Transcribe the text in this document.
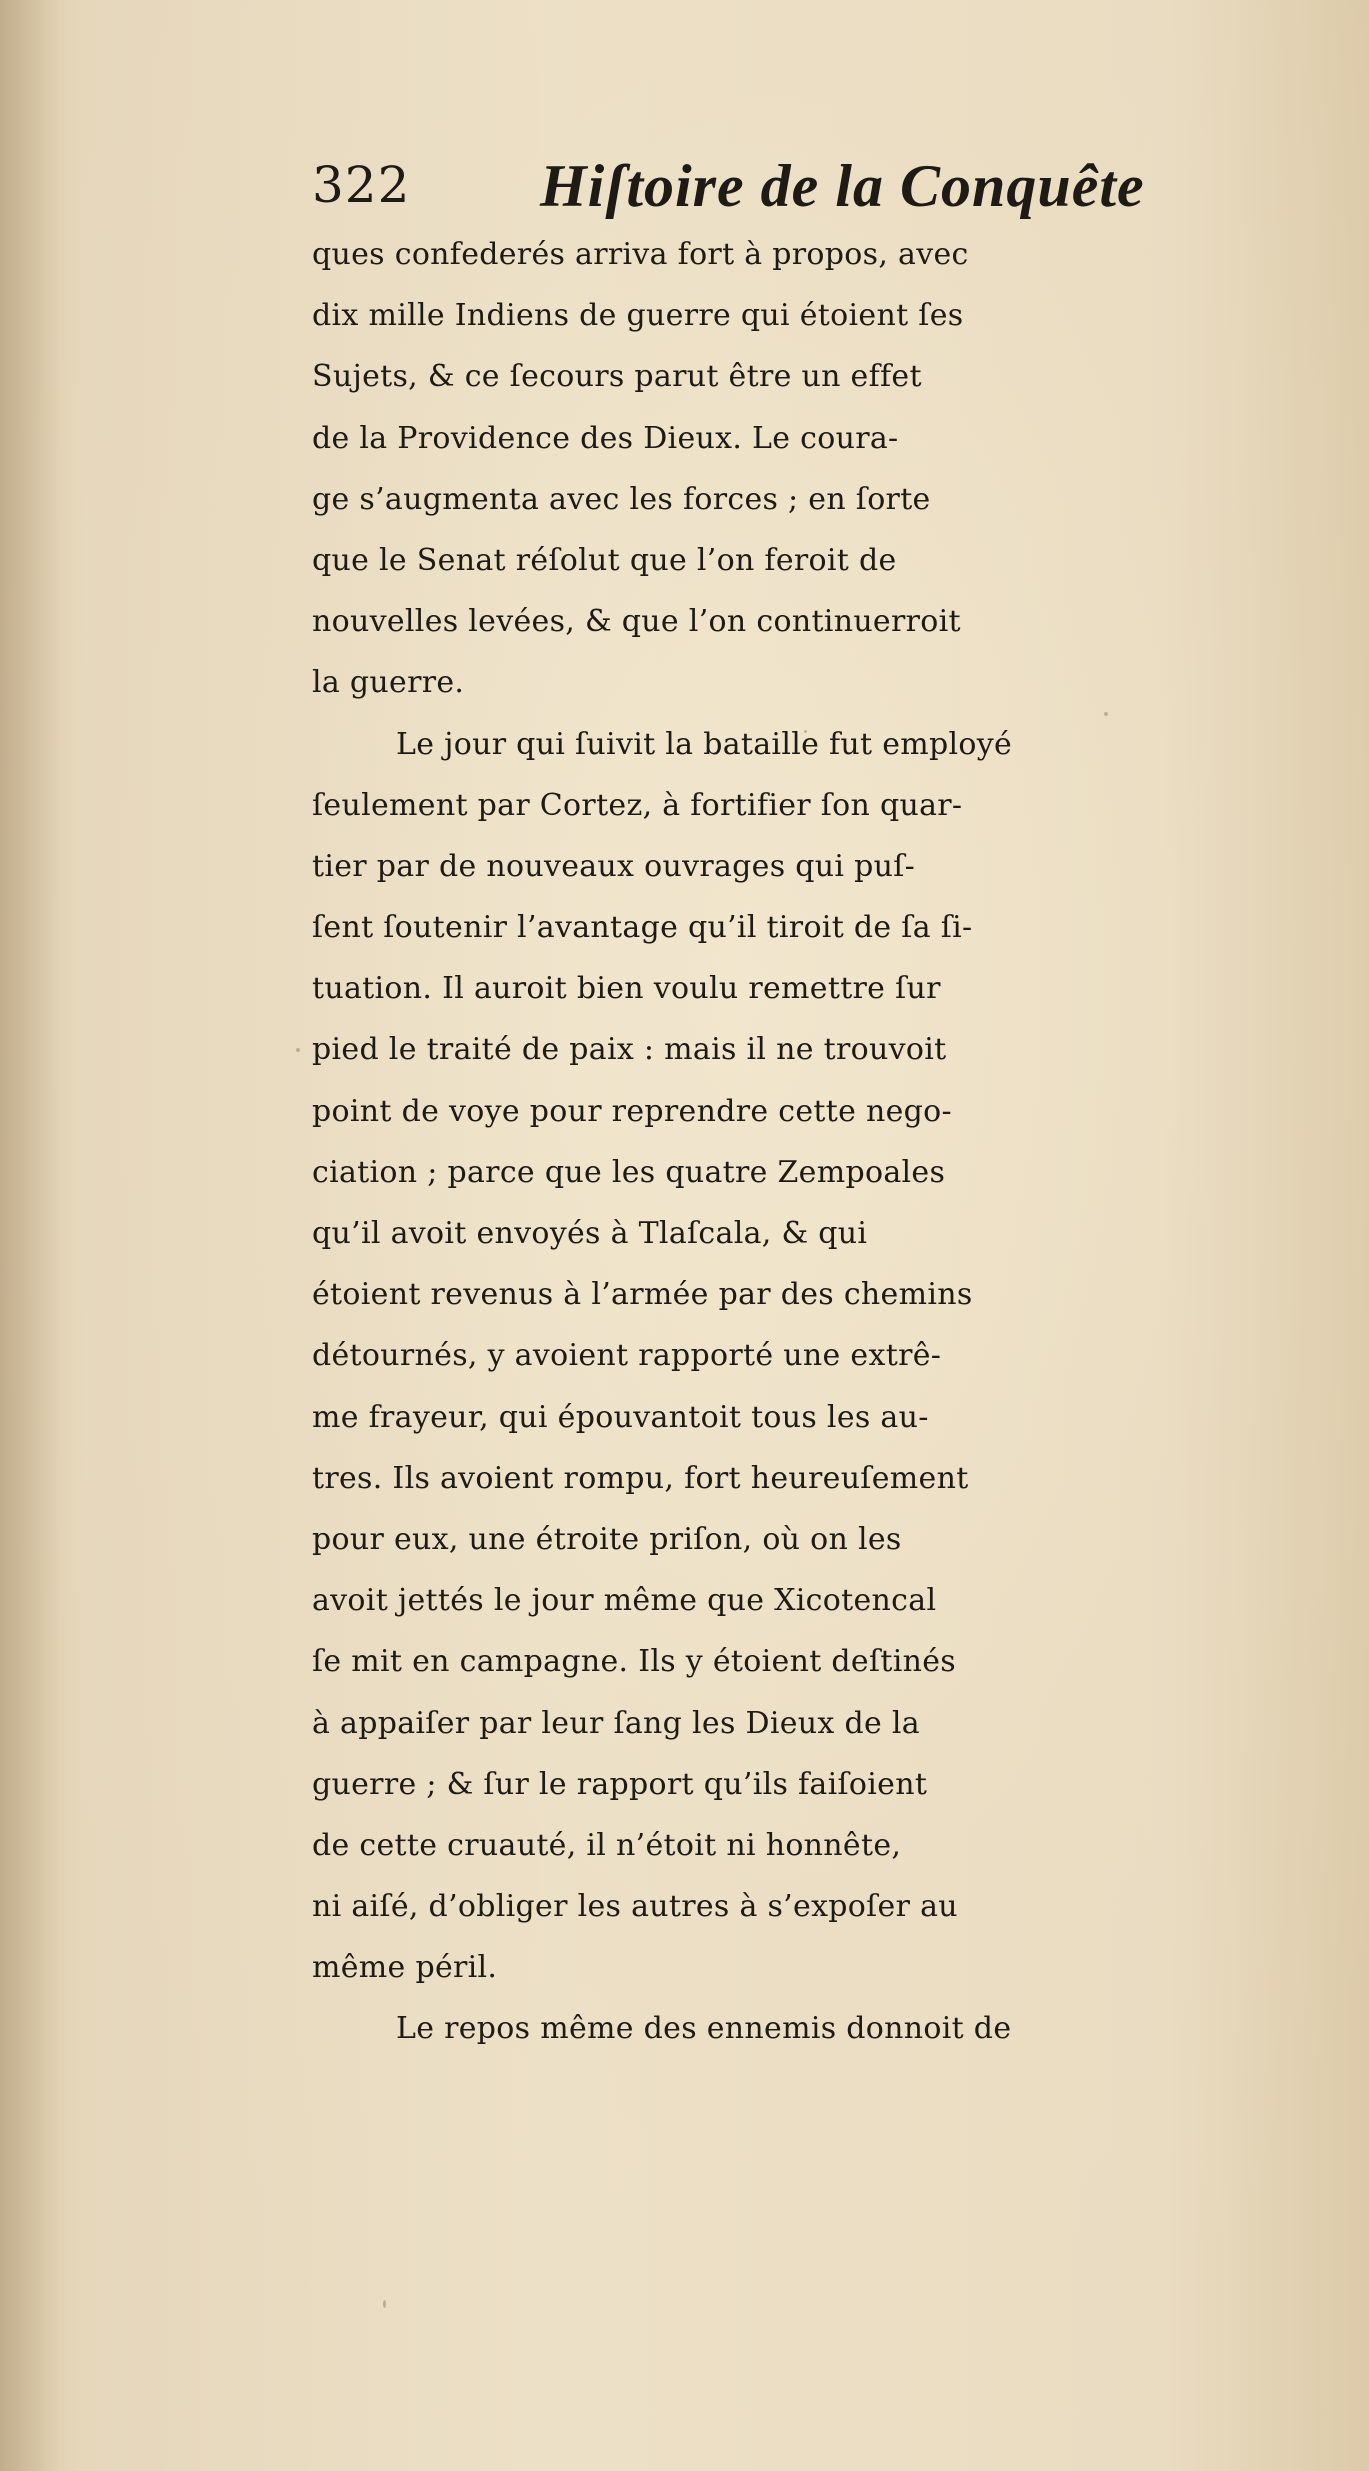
322 Hiſtoire de la Conquête
ques confederés arriva fort à propos, avec
dix mille Indiens de guerre qui étoient ſes
Sujets, & ce ſecours parut être un effet
de la Providence des Dieux. Le coura-
ge s’augmenta avec les forces ; en ſorte
que le Senat réſolut que l’on feroit de
nouvelles levées, & que l’on continuerroit
la guerre.
Le jour qui ſuivit la bataille fut employé
ſeulement par Cortez, à fortifier ſon quar-
tier par de nouveaux ouvrages qui puſ-
ſent ſoutenir l’avantage qu’il tiroit de ſa ſi-
tuation. Il auroit bien voulu remettre ſur
pied le traité de paix : mais il ne trouvoit
point de voye pour reprendre cette nego-
ciation ; parce que les quatre Zempoales
qu’il avoit envoyés à Tlaſcala, & qui
étoient revenus à l’armée par des chemins
détournés, y avoient rapporté une extrê-
me frayeur, qui épouvantoit tous les au-
tres. Ils avoient rompu, fort heureuſement
pour eux, une étroite priſon, où on les
avoit jettés le jour même que Xicotencal
ſe mit en campagne. Ils y étoient deſtinés
à appaiſer par leur ſang les Dieux de la
guerre ; & ſur le rapport qu’ils faiſoient
de cette cruauté, il n’étoit ni honnête,
ni aiſé, d’obliger les autres à s’expoſer au
même péril.
Le repos même des ennemis donnoit de
